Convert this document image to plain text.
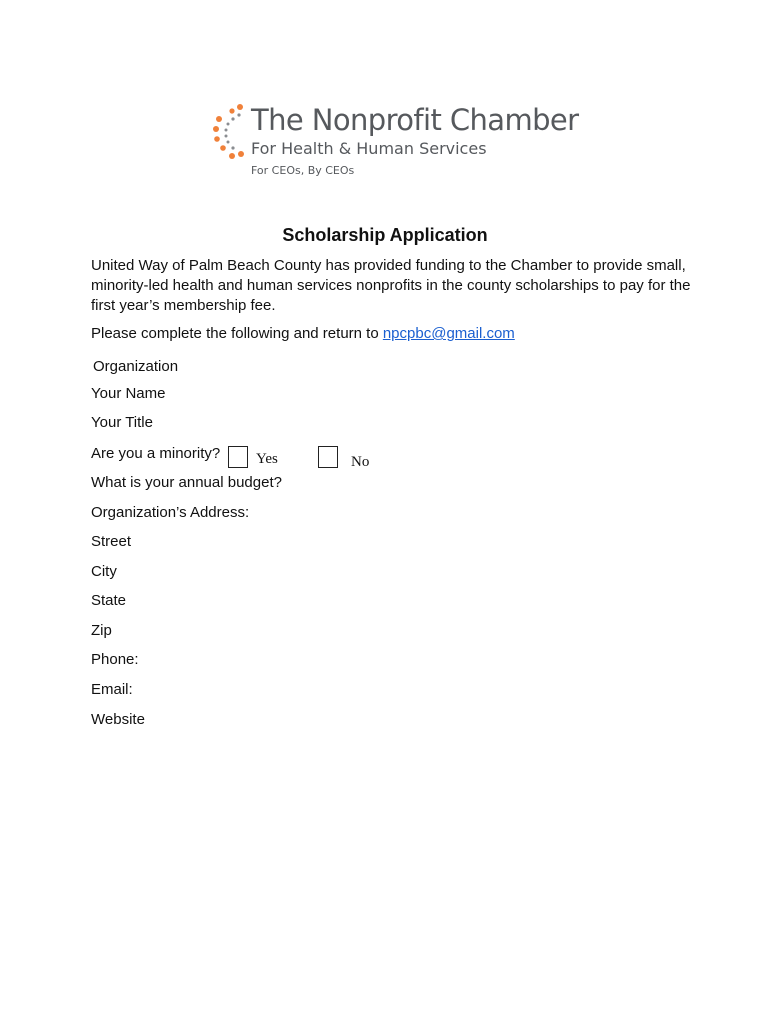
The Nonprofit Chamber
For Health & Human Services
For CEOs, By CEOs
Scholarship Application

United Way of Palm Beach County has provided funding to the Chamber to provide small, minority-led health and human services nonprofits in the county scholarships to pay for the first year’s membership fee.

Please complete the following and return to npcpbc@gmail.com
Organization
Your Name
Your Title
Are you a minority? Yes	No
What is your annual budget?
Organization’s Address:
Street
City
State
Zip
Phone:
Email:
Website
